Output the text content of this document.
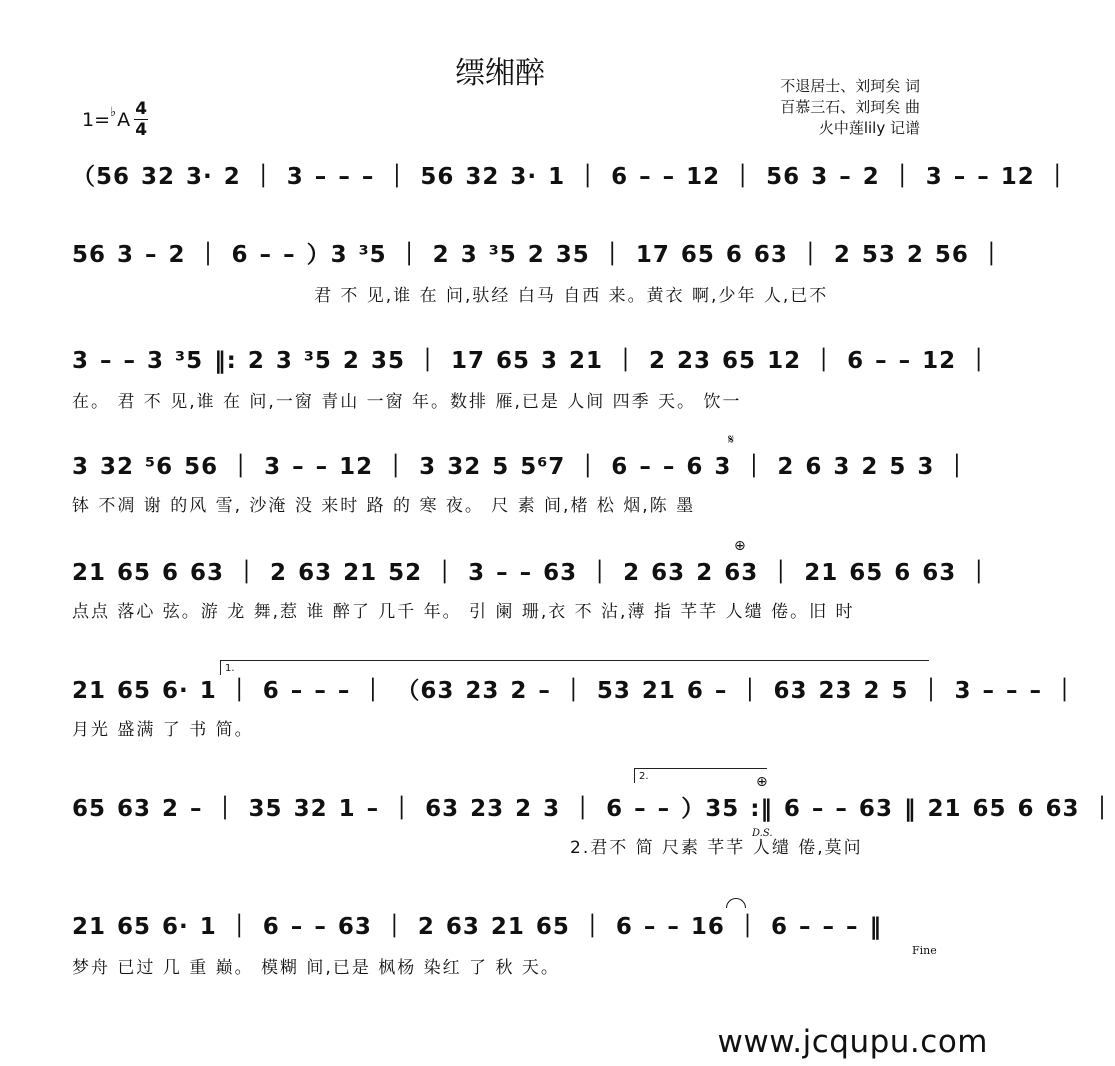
缥缃醉	不退居士、刘珂矣 词
百慕三石、刘珂矣 曲
火中莲lily 记谱
1= ♭ A 4
4
（56 32 3· 2 ｜ 3 – – – ｜ 56 32 3· 1 ｜ 6 – – 12 ｜ 56 3 – 2 ｜ 3 – – 12 ｜
56 3 – 2 ｜ 6 – – ）3 ³5 ｜ 2 3 ³5 2 35 ｜ 17 65 6 63 ｜ 2 53 2 56 ｜
君 不 见,谁 在 问,驮经 白马 自西 来。黄衣 啊,少年 人,已不
3 – – 3 ³5 ‖: 2 3 ³5 2 35 ｜ 17 65 3 21 ｜ 2 23 65 12 ｜ 6 – – 12 ｜
在。 君 不 见,谁 在 问,一窗 青山 一窗 年。数排 雁,已是 人间 四季 天。 饮一
𝄋
3 32 ⁵6 56 ｜ 3 – – 12 ｜ 3 32 5 5⁶7 ｜ 6 – – 6 3 ｜ 2 6 3 2 5 3 ｜
钵 不凋 谢 的风 雪, 沙淹 没 来时 路 的 寒 夜。 尺 素 间,楮 松 烟,陈 墨
⊕
21 65 6 63 ｜ 2 63 21 52 ｜ 3 – – 63 ｜ 2 63 2 63 ｜ 21 65 6 63 ｜
点点 落心 弦。游 龙 舞,惹 谁 醉了 几千 年。 引 阑 珊,衣 不 沾,薄 指 芊芊 人缱 倦。旧 时
1.
21 65 6· 1 ｜ 6 – – – ｜ （63 23 2 – ｜ 53 21 6 – ｜ 63 23 2 5 ｜ 3 – – – ｜
月光 盛满 了 书 简。
2.	⊕
65 63 2 – ｜ 35 32 1 – ｜ 63 23 2 3 ｜ 6 – – ）35 :‖ 6 – – 63 ‖ 21 65 6 63 ｜
D.S.
2.君不 简 尺素 芊芊 人缱 倦,莫问
21 65 6· 1 ｜ 6 – – 63 ｜ 2 63 21 65 ｜ 6 – – 16 ｜ 6 – – – ‖
Fine
梦舟 已过 几 重 巅。 模糊 间,已是 枫杨 染红 了 秋 天。
www.jcqupu.com
